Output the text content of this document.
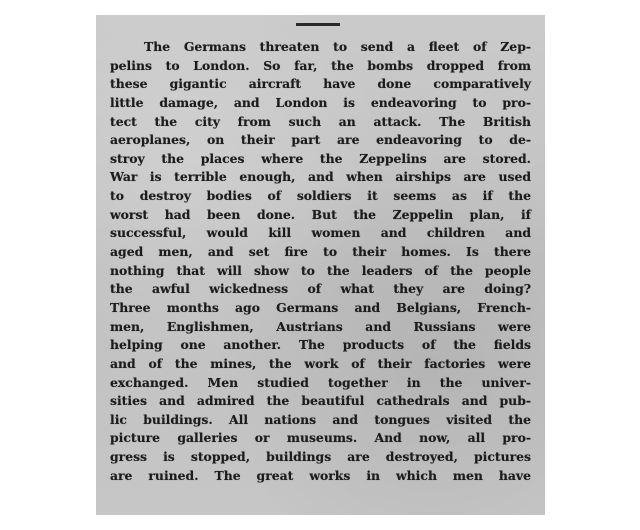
The Germans threaten to send a fleet of Zep-
pelins to London. So far, the bombs dropped from
these gigantic aircraft have done comparatively
little damage, and London is endeavoring to pro-
tect the city from such an attack. The British
aeroplanes, on their part are endeavoring to de-
stroy the places where the Zeppelins are stored.
War is terrible enough, and when airships are used
to destroy bodies of soldiers it seems as if the
worst had been done. But the Zeppelin plan, if
successful, would kill women and children and
aged men, and set fire to their homes. Is there
nothing that will show to the leaders of the people
the awful wickedness of what they are doing?
Three months ago Germans and Belgians, French-
men, Englishmen, Austrians and Russians were
helping one another. The products of the fields
and of the mines, the work of their factories were
exchanged. Men studied together in the univer-
sities and admired the beautiful cathedrals and pub-
lic buildings. All nations and tongues visited the
picture galleries or museums. And now, all pro-
gress is stopped, buildings are destroyed, pictures
are ruined. The great works in which men have
